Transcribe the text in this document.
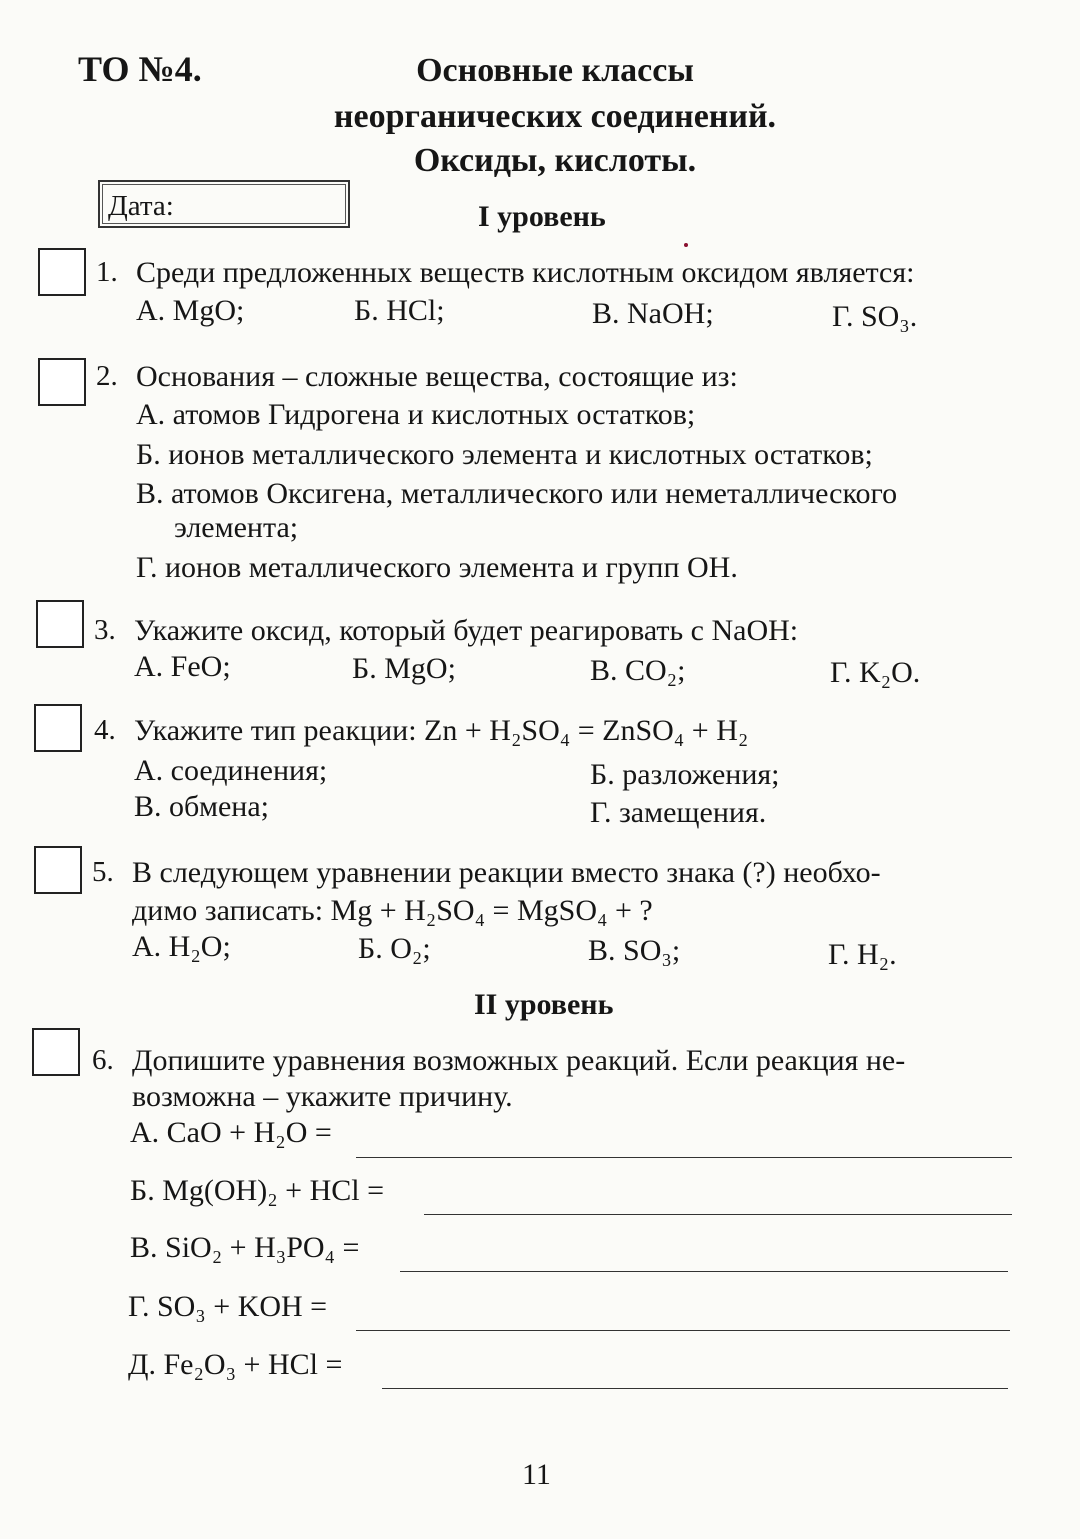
ТО №4.	Основные классы
неорганических соединений.
Оксиды, кислоты.
Дата:	I уровень
1. Среди предложенных веществ кислотным оксидом является:
А. MgO;	Б. HCl;	В. NaOH;	Г. SO₃.
2. Основания – сложные вещества, состоящие из:
А. атомов Гидрогена и кислотных остатков;
Б. ионов металлического элемента и кислотных остатков;
В. атомов Оксигена, металлического или неметаллического
элемента;
Г. ионов металлического элемента и групп OH.
3. Укажите оксид, который будет реагировать с NaOH:
А. FeO;	Б. MgO;	В. CO₂;	Г. K₂O.
4. Укажите тип реакции: Zn + H₂SO₄ = ZnSO₄ + H₂
А. соединения;	Б. разложения;
В. обмена;	Г. замещения.
5. В следующем уравнении реакции вместо знака (?) необхо-
димо записать: Mg + H₂SO₄ = MgSO₄ + ?
А. H₂O;	Б. O₂;	В. SO₃;	Г. H₂.
II уровень
6. Допишите уравнения возможных реакций. Если реакция не-
возможна – укажите причину.
А. CaO + H₂O =
Б. Mg(OH)₂ + HCl =
В. SiO₂ + H₃PO₄ =
Г. SO₃ + KOH =
Д. Fe₂O₃ + HCl =
11
